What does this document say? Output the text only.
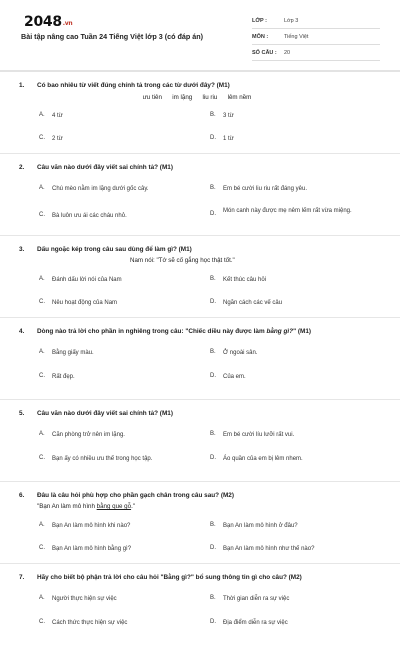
2048.vn
Bài tập nâng cao Tuần 24 Tiếng Việt lớp 3 (có đáp án)
LỚP :	Lớp 3
MÔN :	Tiếng Việt
SỐ CÂU :	20
1. Có bao nhiêu từ viết đúng chính tả trong các từ dưới đây? (M1)
ưu tiên      im lặng      liu riu      lêm nềm
A.	4 từ	B.	3 từ
C.	2 từ	D.	1 từ
2. Câu văn nào dưới đây viết sai chính tả? (M1)
A.	Chú mèo nằm im lặng dưới gốc cây.	B.	Em bé cười liu riu rất đáng yêu.
C.	Bà luôn ưu ái các cháu nhỏ.	D.	Món canh này được mẹ nêm lếm rất vừa miệng.
3. Dấu ngoặc kép trong câu sau dùng để làm gì? (M1)
Nam nói: "Tớ sẽ cố gắng học thật tốt."
A.	Đánh dấu lời nói của Nam	B.	Kết thúc câu hỏi
C.	Nêu hoạt động của Nam	D.	Ngăn cách các vế câu
4. Dòng nào trả lời cho phần in nghiêng trong câu: "Chiếc diều này được làm bằng gì?" (M1)
A.	Bằng giấy màu.	B.	Ở ngoài sân.
C.	Rất đẹp.	D.	Của em.
5. Câu văn nào dưới đây viết sai chính tả? (M1)
A.	Căn phòng trở nên im lặng.	B.	Em bé cười líu lưỡi rất vui.
C.	Bạn ấy có nhiều ưu thế trong học tập.	D.	Áo quần của em bị lêm nhem.
6. Đâu là câu hỏi phù hợp cho phần gạch chân trong câu sau? (M2)
"Bạn An làm mô hình bằng que gỗ."
A.	Bạn An làm mô hình khi nào?	B.	Bạn An làm mô hình ở đâu?
C.	Bạn An làm mô hình bằng gì?	D.	Bạn An làm mô hình như thế nào?
7. Hãy cho biết bộ phận trả lời cho câu hỏi "Bằng gì?" bổ sung thông tin gì cho câu? (M2)
A.	Người thực hiện sự việc	B.	Thời gian diễn ra sự việc
C.	Cách thức thực hiện sự việc	D.	Địa điểm diễn ra sự việc
